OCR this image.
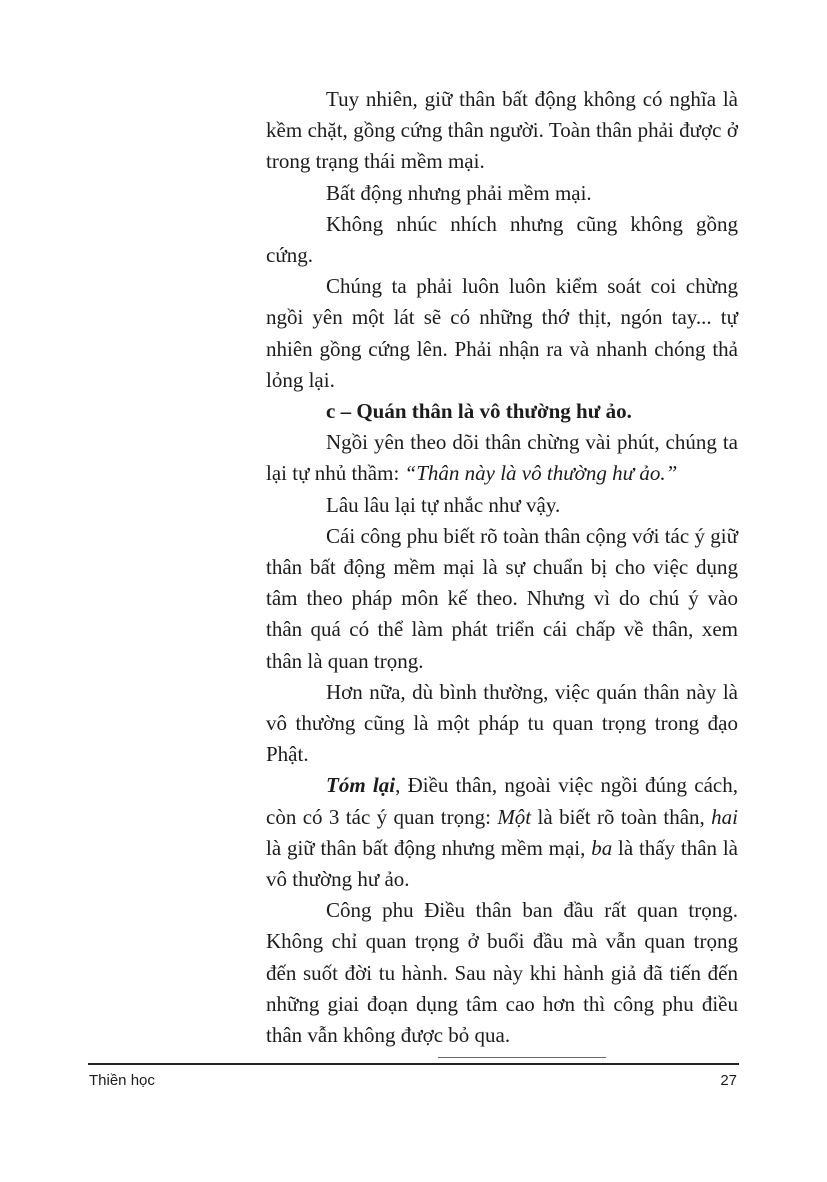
Tuy nhiên, giữ thân bất động không có nghĩa là kềm chặt, gồng cứng thân người. Toàn thân phải được ở trong trạng thái mềm mại.

Bất động nhưng phải mềm mại.

Không nhúc nhích nhưng cũng không gồng cứng.

Chúng ta phải luôn luôn kiểm soát coi chừng ngồi yên một lát sẽ có những thớ thịt, ngón tay... tự nhiên gồng cứng lên. Phải nhận ra và nhanh chóng thả lỏng lại.

c – Quán thân là vô thường hư ảo.

Ngồi yên theo dõi thân chừng vài phút, chúng ta lại tự nhủ thầm: “Thân này là vô thường hư ảo.”

Lâu lâu lại tự nhắc như vậy.

Cái công phu biết rõ toàn thân cộng với tác ý giữ thân bất động mềm mại là sự chuẩn bị cho việc dụng tâm theo pháp môn kế theo. Nhưng vì do chú ý vào thân quá có thể làm phát triển cái chấp về thân, xem thân là quan trọng.

Hơn nữa, dù bình thường, việc quán thân này là vô thường cũng là một pháp tu quan trọng trong đạo Phật.

Tóm lại, Điều thân, ngoài việc ngồi đúng cách, còn có 3 tác ý quan trọng: Một là biết rõ toàn thân, hai là giữ thân bất động nhưng mềm mại, ba là thấy thân là vô thường hư ảo.

Công phu Điều thân ban đầu rất quan trọng. Không chỉ quan trọng ở buổi đầu mà vẫn quan trọng đến suốt đời tu hành. Sau này khi hành giả đã tiến đến những giai đoạn dụng tâm cao hơn thì công phu điều thân vẫn không được bỏ qua.

Thiền học	27
